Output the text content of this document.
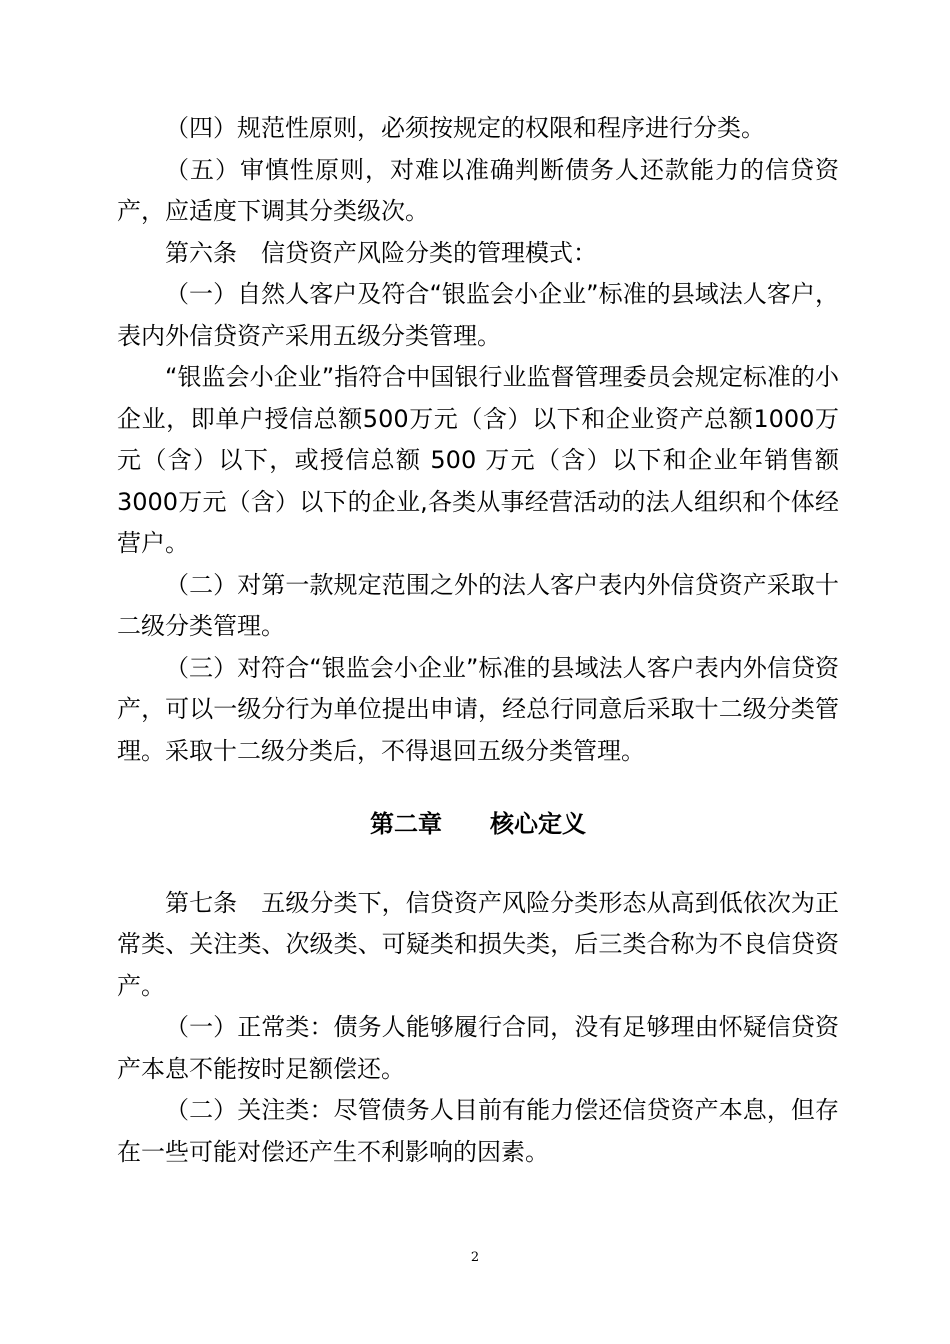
（四）规范性原则，必须按规定的权限和程序进行分类。

（五）审慎性原则，对难以准确判断债务人还款能力的信贷资产，应适度下调其分类级次。

第六条　信贷资产风险分类的管理模式：

（一）自然人客户及符合“银监会小企业”标准的县域法人客户，表内外信贷资产采用五级分类管理。

“银监会小企业”指符合中国银行业监督管理委员会规定标准的小企业，即单户授信总额500万元（含）以下和企业资产总额1000万元（含）以下，或授信总额 500 万元（含）以下和企业年销售额3000万元（含）以下的企业,各类从事经营活动的法人组织和个体经营户。

（二）对第一款规定范围之外的法人客户表内外信贷资产采取十二级分类管理。

（三）对符合“银监会小企业”标准的县域法人客户表内外信贷资产，可以一级分行为单位提出申请，经总行同意后采取十二级分类管理。采取十二级分类后，不得退回五级分类管理。

第二章　　核心定义

第七条　五级分类下，信贷资产风险分类形态从高到低依次为正常类、关注类、次级类、可疑类和损失类，后三类合称为不良信贷资产。

（一）正常类：债务人能够履行合同，没有足够理由怀疑信贷资产本息不能按时足额偿还。

（二）关注类：尽管债务人目前有能力偿还信贷资产本息，但存在一些可能对偿还产生不利影响的因素。

2
